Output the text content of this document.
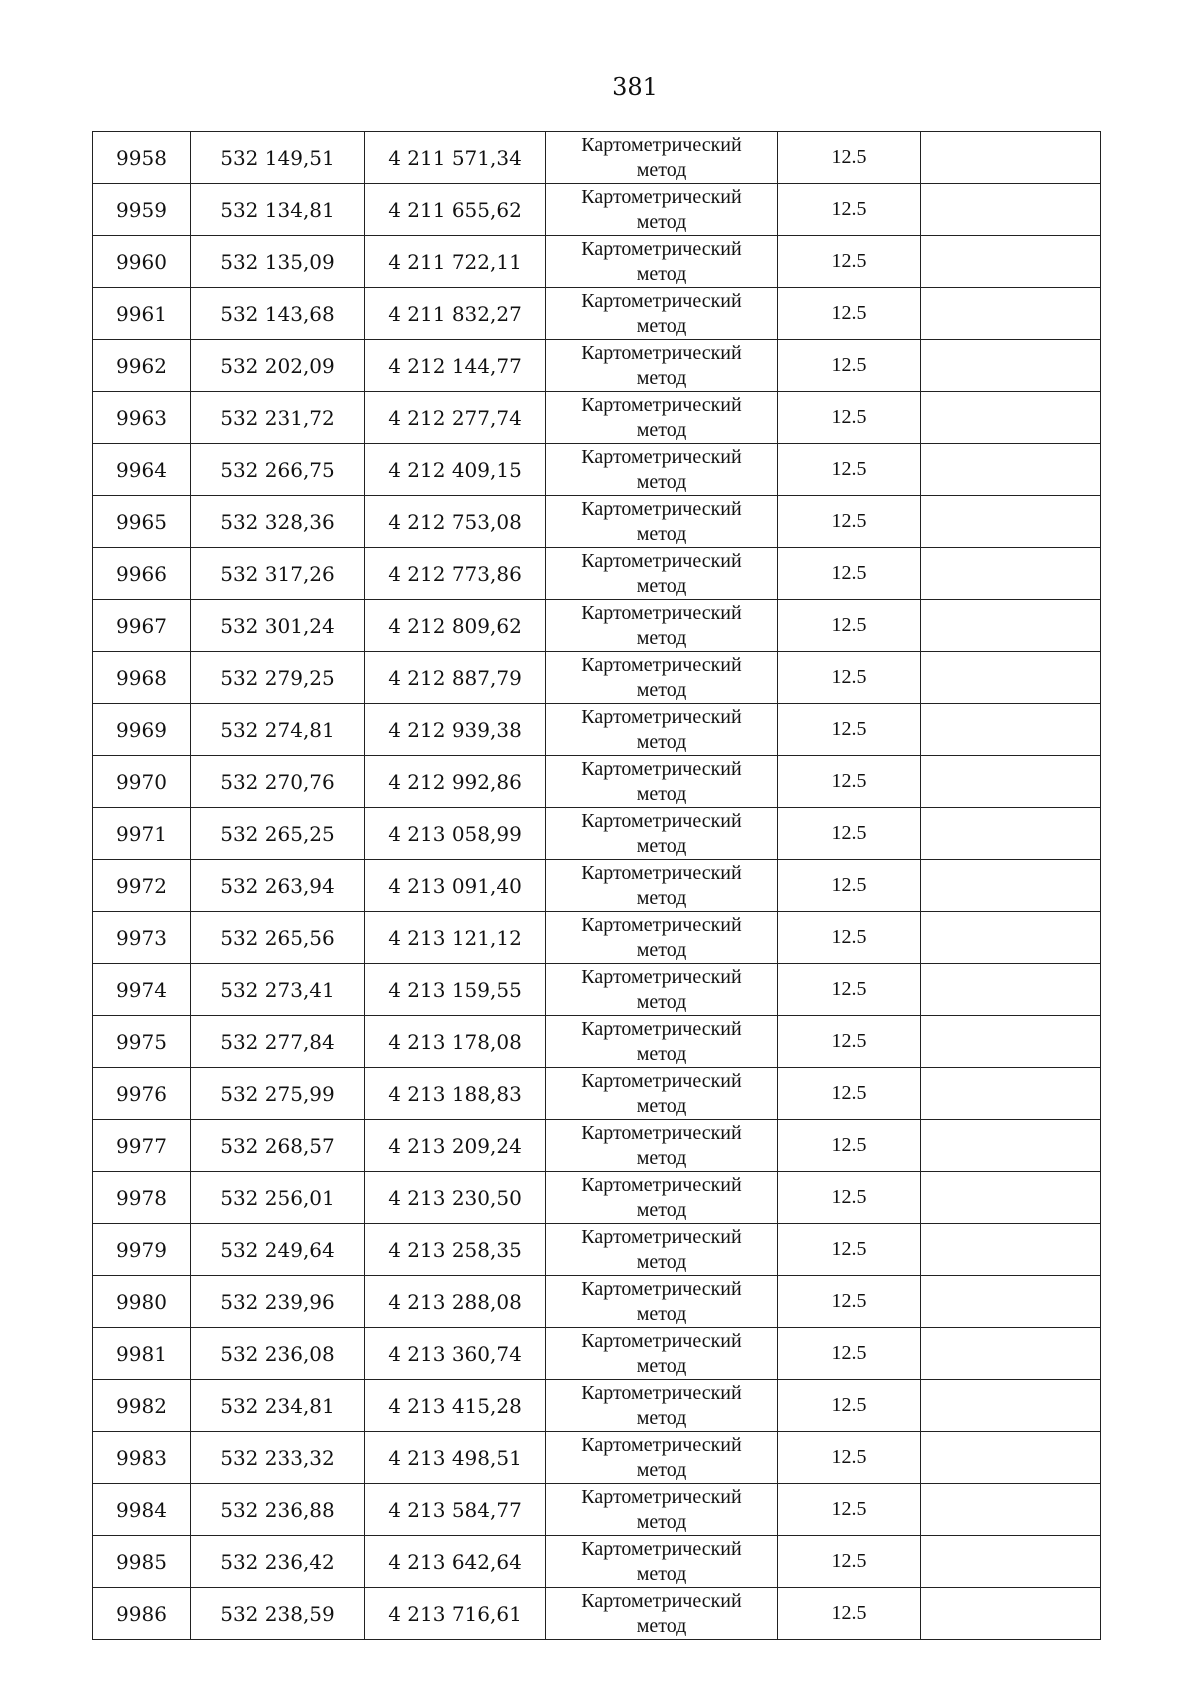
381
9958	532 149,51	4 211 571,34	Картометрический
метод	12.5	
9959	532 134,81	4 211 655,62	Картометрический
метод	12.5	
9960	532 135,09	4 211 722,11	Картометрический
метод	12.5	
9961	532 143,68	4 211 832,27	Картометрический
метод	12.5	
9962	532 202,09	4 212 144,77	Картометрический
метод	12.5	
9963	532 231,72	4 212 277,74	Картометрический
метод	12.5	
9964	532 266,75	4 212 409,15	Картометрический
метод	12.5	
9965	532 328,36	4 212 753,08	Картометрический
метод	12.5	
9966	532 317,26	4 212 773,86	Картометрический
метод	12.5	
9967	532 301,24	4 212 809,62	Картометрический
метод	12.5	
9968	532 279,25	4 212 887,79	Картометрический
метод	12.5	
9969	532 274,81	4 212 939,38	Картометрический
метод	12.5	
9970	532 270,76	4 212 992,86	Картометрический
метод	12.5	
9971	532 265,25	4 213 058,99	Картометрический
метод	12.5	
9972	532 263,94	4 213 091,40	Картометрический
метод	12.5	
9973	532 265,56	4 213 121,12	Картометрический
метод	12.5	
9974	532 273,41	4 213 159,55	Картометрический
метод	12.5	
9975	532 277,84	4 213 178,08	Картометрический
метод	12.5	
9976	532 275,99	4 213 188,83	Картометрический
метод	12.5	
9977	532 268,57	4 213 209,24	Картометрический
метод	12.5	
9978	532 256,01	4 213 230,50	Картометрический
метод	12.5	
9979	532 249,64	4 213 258,35	Картометрический
метод	12.5	
9980	532 239,96	4 213 288,08	Картометрический
метод	12.5	
9981	532 236,08	4 213 360,74	Картометрический
метод	12.5	
9982	532 234,81	4 213 415,28	Картометрический
метод	12.5	
9983	532 233,32	4 213 498,51	Картометрический
метод	12.5	
9984	532 236,88	4 213 584,77	Картометрический
метод	12.5	
9985	532 236,42	4 213 642,64	Картометрический
метод	12.5	
9986	532 238,59	4 213 716,61	Картометрический
метод	12.5	
